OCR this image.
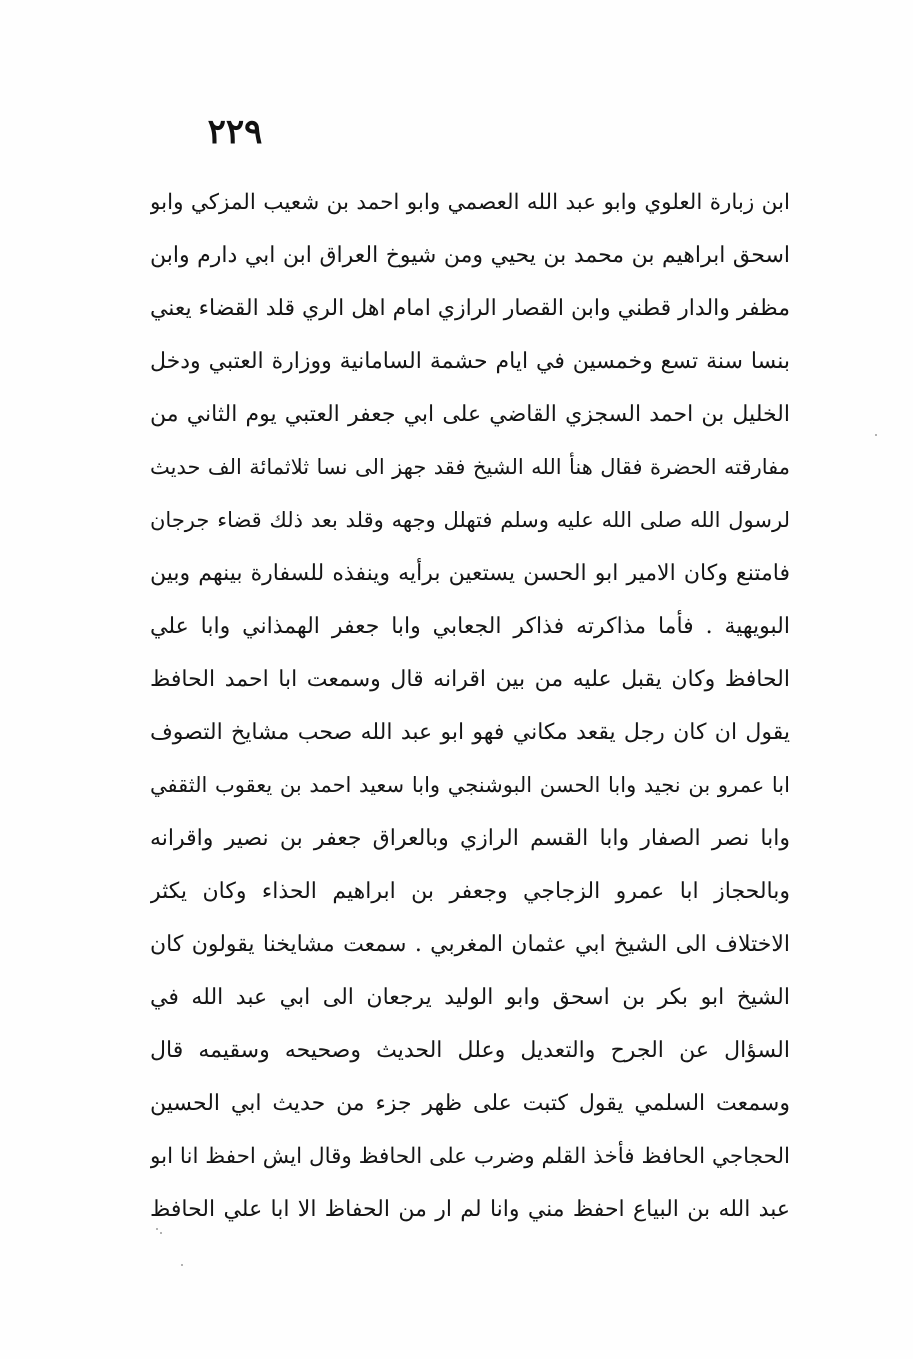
٢٢٩
ابن زبارة العلوي وابو عبد الله العصمي وابو احمد بن شعيب المزكي وابو
اسحق ابراهيم بن محمد بن يحيي ومن شيوخ العراق ابن ابي دارم وابن
مظفر والدار قطني وابن القصار الرازي امام اهل الري قلد القضاء يعني
بنسا سنة تسع وخمسين في ايام حشمة السامانية ووزارة العتبي ودخل
الخليل بن احمد السجزي القاضي على ابي جعفر العتبي يوم الثاني من
مفارقته الحضرة فقال هنأ الله الشيخ فقد جهز الى نسا ثلاثمائة الف حديث
لرسول الله صلى الله عليه وسلم فتهلل وجهه وقلد بعد ذلك قضاء جرجان
فامتنع وكان الامير ابو الحسن يستعين برأيه وينفذه للسفارة بينهم وبين
البويهية . فأما مذاكرته فذاكر الجعابي وابا جعفر الهمذاني وابا علي
الحافظ وكان يقبل عليه من بين اقرانه قال وسمعت ابا احمد الحافظ
يقول ان كان رجل يقعد مكاني فهو ابو عبد الله صحب مشايخ التصوف
ابا عمرو بن نجيد وابا الحسن البوشنجي وابا سعيد احمد بن يعقوب الثقفي
وابا نصر الصفار وابا القسم الرازي وبالعراق جعفر بن نصير واقرانه
وبالحجاز ابا عمرو الزجاجي وجعفر بن ابراهيم الحذاء وكان يكثر
الاختلاف الى الشيخ ابي عثمان المغربي . سمعت مشايخنا يقولون كان
الشيخ ابو بكر بن اسحق وابو الوليد يرجعان الى ابي عبد الله في
السؤال عن الجرح والتعديل وعلل الحديث وصحيحه وسقيمه قال
وسمعت السلمي يقول كتبت على ظهر جزء من حديث ابي الحسين
الحجاجي الحافظ فأخذ القلم وضرب على الحافظ وقال ايش احفظ انا ابو
عبد الله بن البياع احفظ مني وانا لم ار من الحفاظ الا ابا علي الحافظ
